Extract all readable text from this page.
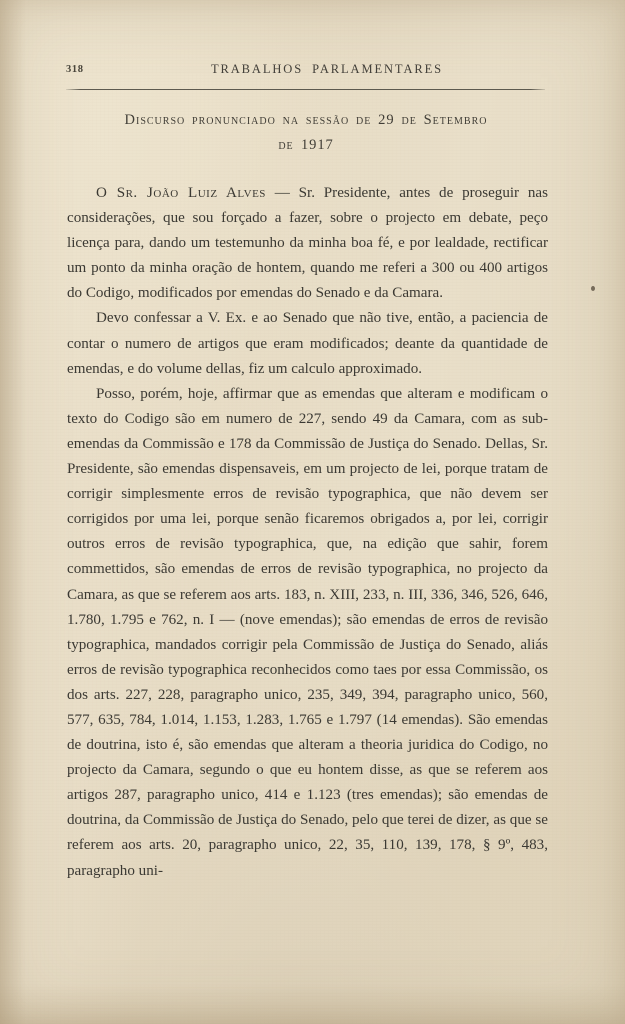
318	TRABALHOS PARLAMENTARES
Discurso pronunciado na sessão de 29 de Setembro
de 1917

O Sr. João Luiz Alves — Sr. Presidente, antes de proseguir nas considerações, que sou forçado a fazer, sobre o projecto em debate, peço licença para, dando um testemunho da minha boa fé, e por lealdade, rectificar um ponto da minha oração de hontem, quando me referi a 300 ou 400 artigos do Codigo, modificados por emendas do Senado e da Camara.

Devo confessar a V. Ex. e ao Senado que não tive, então, a paciencia de contar o numero de artigos que eram modificados; deante da quantidade de emendas, e do volume dellas, fiz um calculo approximado.

Posso, porém, hoje, affirmar que as emendas que alteram e modificam o texto do Codigo são em numero de 227, sendo 49 da Camara, com as sub-emendas da Commissão e 178 da Commissão de Justiça do Senado. Dellas, Sr. Presidente, são emendas dispensaveis, em um projecto de lei, porque tratam de corrigir simplesmente erros de revisão typographica, que não devem ser corrigidos por uma lei, porque senão ficaremos obrigados a, por lei, corrigir outros erros de revisão typographica, que, na edição que sahir, forem commettidos, são emendas de erros de revisão typographica, no projecto da Camara, as que se referem aos arts. 183, n. XIII, 233, n. III, 336, 346, 526, 646, 1.780, 1.795 e 762, n. I — (nove emendas); são emendas de erros de revisão typographica, mandados corrigir pela Commissão de Justiça do Senado, aliás erros de revisão typographica reconhecidos como taes por essa Commissão, os dos arts. 227, 228, paragrapho unico, 235, 349, 394, paragrapho unico, 560, 577, 635, 784, 1.014, 1.153, 1.283, 1.765 e 1.797 (14 emendas). São emendas de doutrina, isto é, são emendas que alteram a theoria juridica do Codigo, no projecto da Camara, segundo o que eu hontem disse, as que se referem aos artigos 287, paragrapho unico, 414 e 1.123 (tres emendas); são emendas de doutrina, da Commissão de Justiça do Senado, pelo que terei de dizer, as que se referem aos arts. 20, paragrapho unico, 22, 35, 110, 139, 178, § 9º, 483, paragrapho uni-
